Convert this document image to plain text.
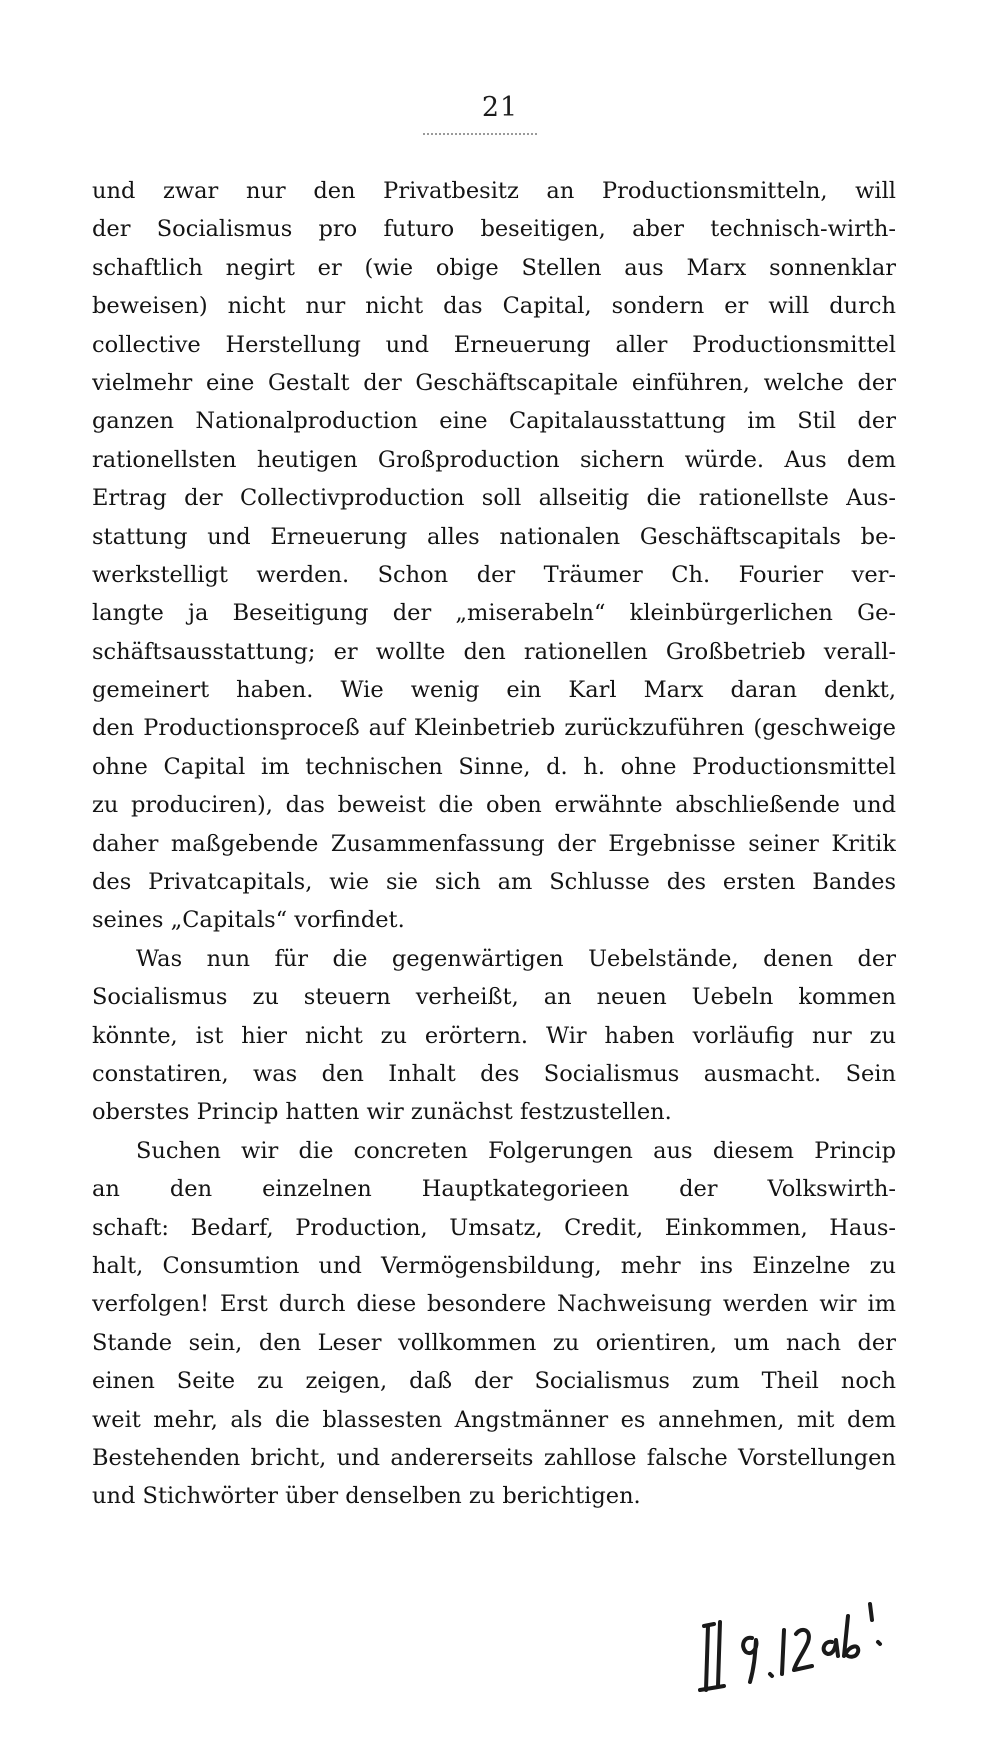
21
und zwar nur den Privatbesitz an Productionsmitteln, will
der Socialismus pro futuro beseitigen, aber technisch-wirth-
schaftlich negirt er (wie obige Stellen aus Marx sonnenklar
beweisen) nicht nur nicht das Capital, sondern er will durch
collective Herstellung und Erneuerung aller Productionsmittel
vielmehr eine Gestalt der Geschäftscapitale einführen, welche der
ganzen Nationalproduction eine Capitalausstattung im Stil der
rationellsten heutigen Großproduction sichern würde. Aus dem
Ertrag der Collectivproduction soll allseitig die rationellste Aus-
stattung und Erneuerung alles nationalen Geschäftscapitals be-
werkstelligt werden. Schon der Träumer Ch. Fourier ver-
langte ja Beseitigung der „miserabeln“ kleinbürgerlichen Ge-
schäftsausstattung; er wollte den rationellen Großbetrieb verall-
gemeinert haben. Wie wenig ein Karl Marx daran denkt,
den Productionsproceß auf Kleinbetrieb zurückzuführen (geschweige
ohne Capital im technischen Sinne, d. h. ohne Productionsmittel
zu produciren), das beweist die oben erwähnte abschließende und
daher maßgebende Zusammenfassung der Ergebnisse seiner Kritik
des Privatcapitals, wie sie sich am Schlusse des ersten Bandes
seines „Capitals“ vorfindet.
Was nun für die gegenwärtigen Uebelstände, denen der
Socialismus zu steuern verheißt, an neuen Uebeln kommen
könnte, ist hier nicht zu erörtern. Wir haben vorläufig nur zu
constatiren, was den Inhalt des Socialismus ausmacht. Sein
oberstes Princip hatten wir zunächst festzustellen.
Suchen wir die concreten Folgerungen aus diesem Princip
an den einzelnen Hauptkategorieen der Volkswirth-
schaft: Bedarf, Production, Umsatz, Credit, Einkommen, Haus-
halt, Consumtion und Vermögensbildung, mehr ins Einzelne zu
verfolgen! Erst durch diese besondere Nachweisung werden wir im
Stande sein, den Leser vollkommen zu orientiren, um nach der
einen Seite zu zeigen, daß der Socialismus zum Theil noch
weit mehr, als die blassesten Angstmänner es annehmen, mit dem
Bestehenden bricht, und andererseits zahllose falsche Vorstellungen
und Stichwörter über denselben zu berichtigen.
